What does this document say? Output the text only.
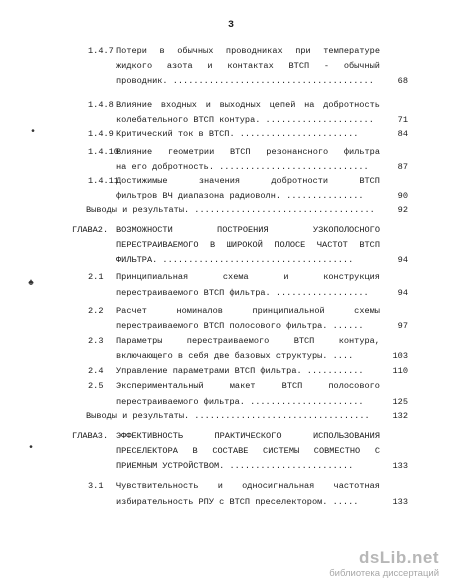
3
1.4.7 Потери в обычных проводниках при температуре
жидкого азота и контактах ВТСП - обычный
проводник. .......................................	68
1.4.8 Влияние входных и выходных цепей на добротность
колебательного ВТСП контура. .....................	71
1.4.9 Критический ток в ВТСП. .......................	84
1.4.10
Влияние геометрии ВТСП резонансного фильтра
на его добротность. .............................	87
1.4.11
Достижимые	значения	добротности	ВТСП
фильтров ВЧ диапазона радиоволн. ...............	90
Выводы и результаты. ...................................	92
ГЛАВА2. ВОЗМОЖНОСТИ	ПОСТРОЕНИЯ	УЗКОПОЛОСНОГО
ПЕРЕСТРАИВАЕМОГО В ШИРОКОЙ ПОЛОСЕ ЧАСТОТ ВТСП
ФИЛЬТРА. .....................................	94
2.1 Принципиальная	схема	и	конструкция
перестраиваемого ВТСП фильтра. ..................	94
2.2 Расчет	номиналов	принципиальной	схемы
перестраиваемого ВТСП полосового фильтра. ......	97
2.3 Параметры	перестраиваемого	ВТСП	контура,
включающего в себя две базовых структуры. ....	103
2.4 Управление параметрами ВТСП фильтра. ...........	110
2.5 Экспериментальный	макет	ВТСП	полосового
перестраиваемого фильтра. ......................	125
Выводы и результаты. ..................................	132
ГЛАВА3. ЭФФЕКТИВНОСТЬ	ПРАКТИЧЕСКОГО	ИСПОЛЬЗОВАНИЯ
ПРЕСЕЛЕКТОРА В СОСТАВЕ СИСТЕМЫ СОВМЕСТНО С
ПРИЕМНЫМ УСТРОЙСТВОМ. ........................	133
3.1 Чувствительность и односигнальная частотная
избирательность РПУ с ВТСП преселектором. .....	133
•
♠
•
dsLib.net
библиотека диссертаций
